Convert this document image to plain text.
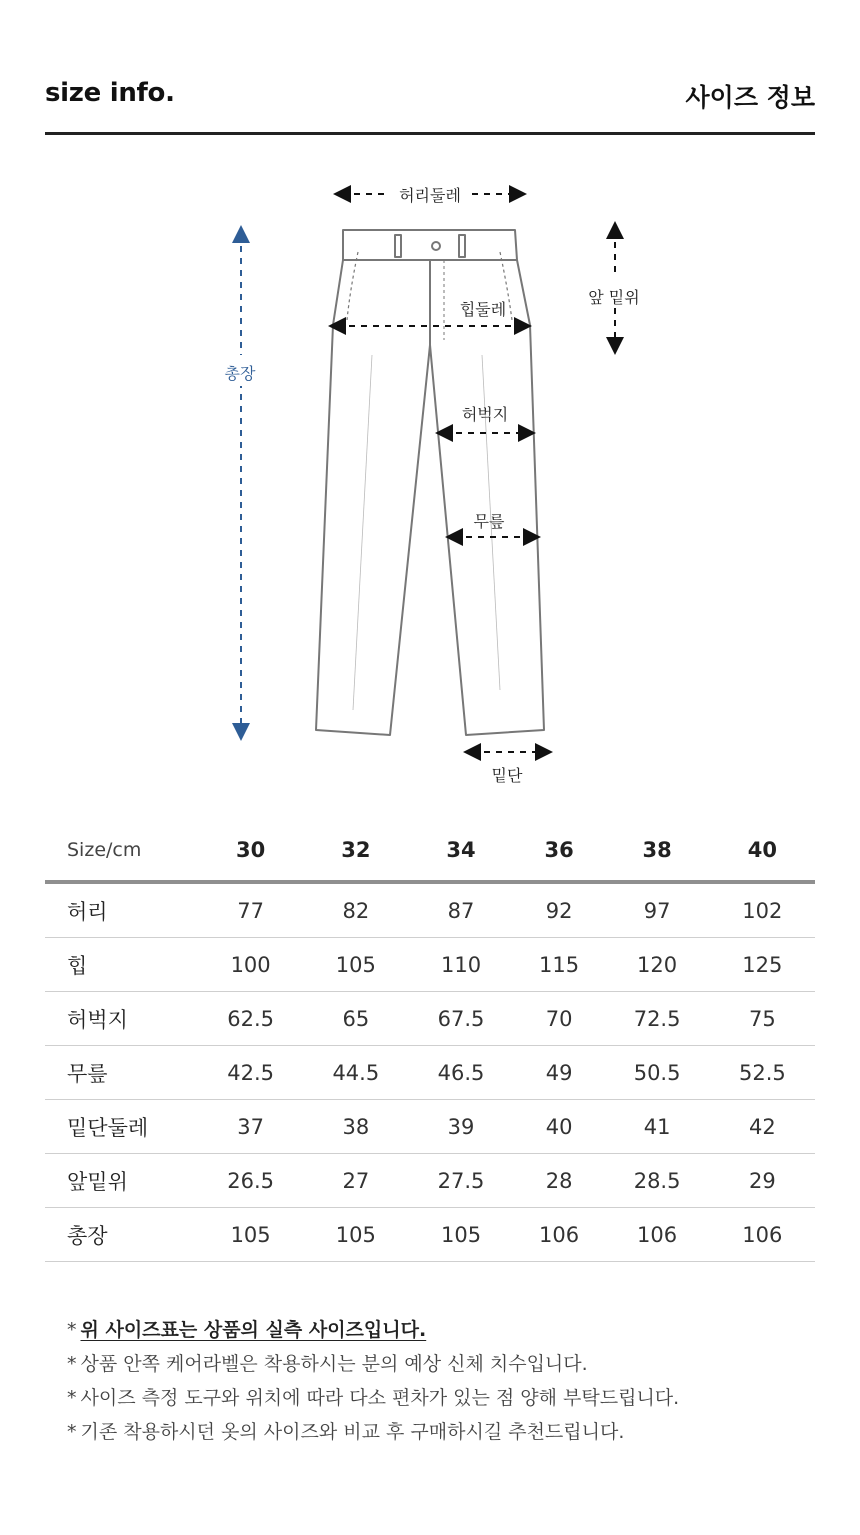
size info.	사이즈 정보
허리둘레
힙둘레
허벅지
무릎
밑단
앞 밑위
총장
Size/cm	30	32	34	36	38	40
허리	77	82	87	92	97	102
힙	100	105	110	115	120	125
허벅지	62.5	65	67.5	70	72.5	75
무릎	42.5	44.5	46.5	49	50.5	52.5
밑단둘레	37	38	39	40	41	42
앞밑위	26.5	27	27.5	28	28.5	29
총장	105	105	105	106	106	106

* 위 사이즈표는 상품의 실측 사이즈입니다.

* 상품 안쪽 케어라벨은 착용하시는 분의 예상 신체 치수입니다.

* 사이즈 측정 도구와 위치에 따라 다소 편차가 있는 점 양해 부탁드립니다.

* 기존 착용하시던 옷의 사이즈와 비교 후 구매하시길 추천드립니다.
